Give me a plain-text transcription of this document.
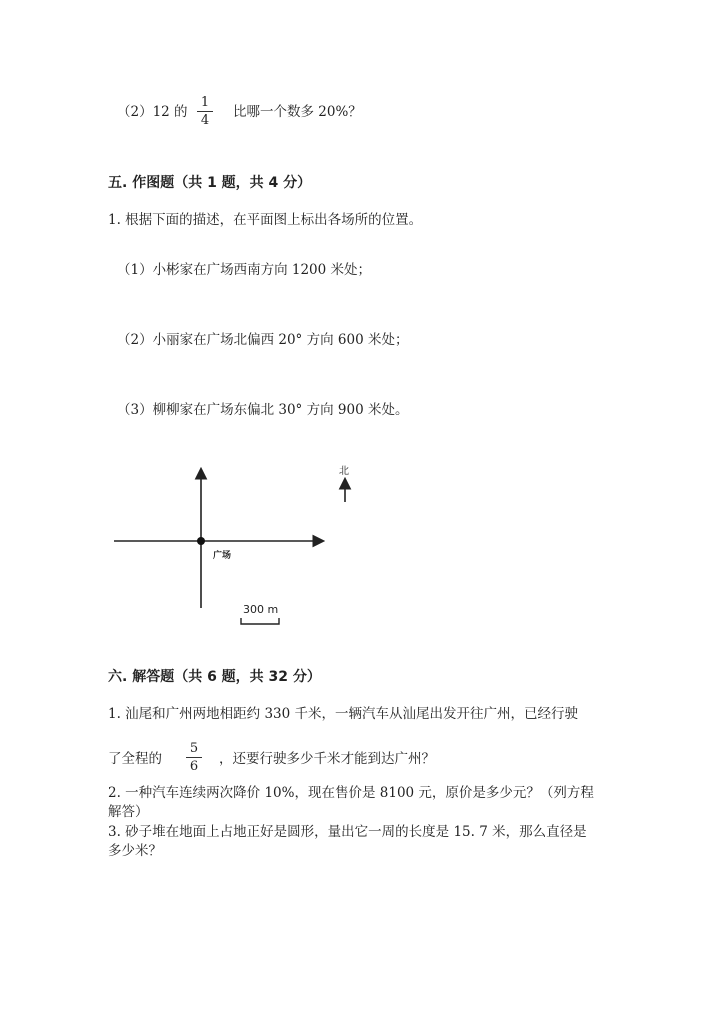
（2）12 的
1
4
比哪一个数多 20%？
五. 作图题（共 1 题，共 4 分）
1. 根据下面的描述，在平面图上标出各场所的位置。
（1）小彬家在广场西南方向 1200 米处；
（2）小丽家在广场北偏西 20° 方向 600 米处；
（3）柳柳家在广场东偏北 30° 方向 900 米处。
北
广场
300 m
六. 解答题（共 6 题，共 32 分）
1. 汕尾和广州两地相距约 330 千米，一辆汽车从汕尾出发开往广州，已经行驶
了全程的
5
6 ，还要行驶多少千米才能到达广州？
2. 一种汽车连续两次降价 10%，现在售价是 8100 元，原价是多少元？（列方程
解答）
3. 砂子堆在地面上占地正好是圆形，量出它一周的长度是 15. 7 米，那么直径是
多少米？
